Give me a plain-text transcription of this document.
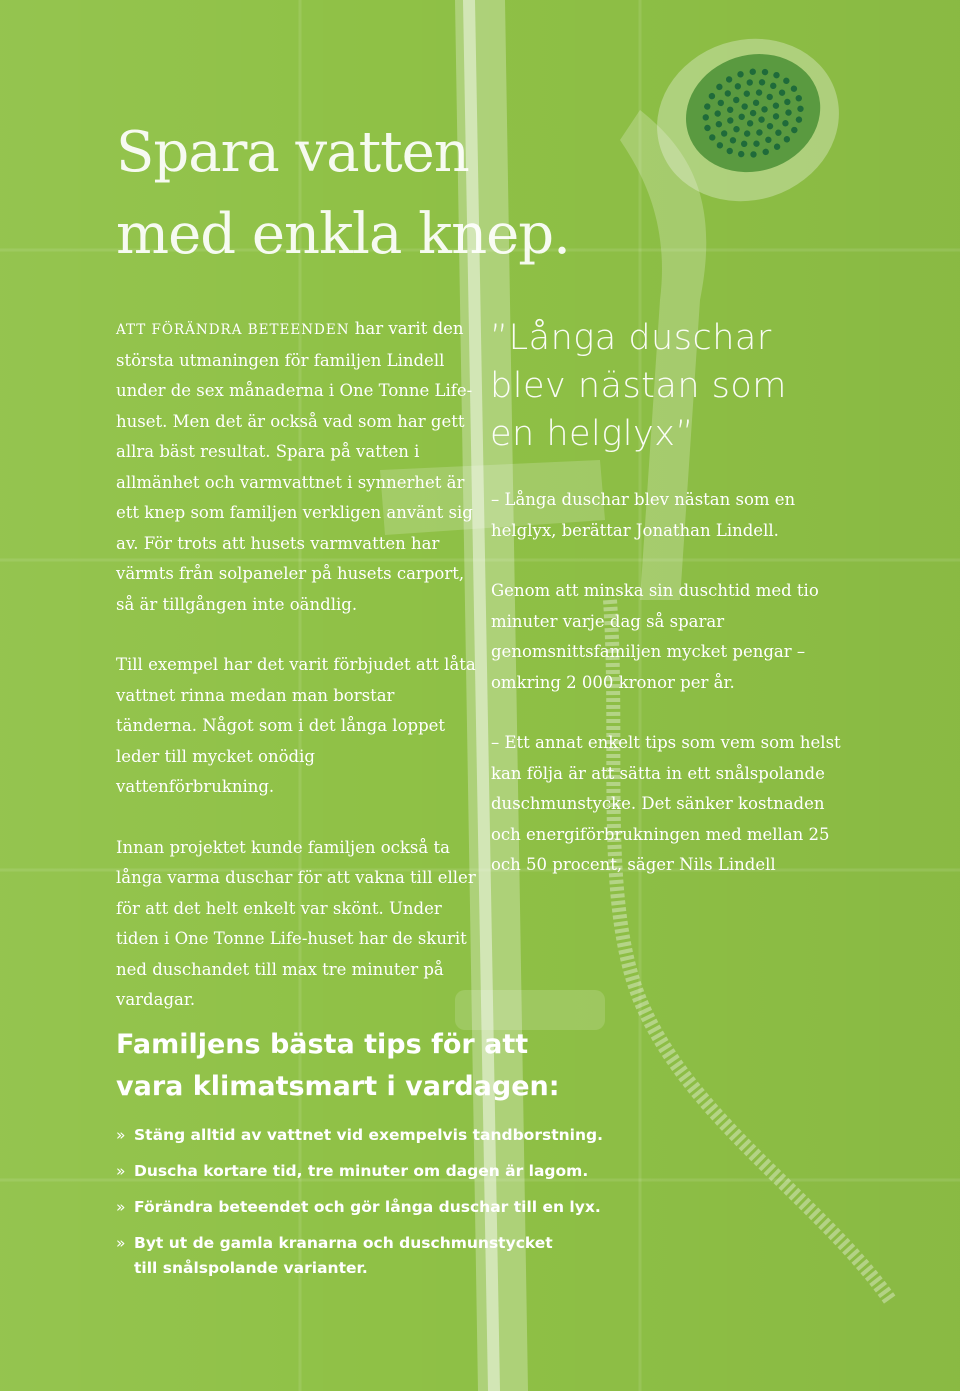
Spara vatten
med enkla knep.

ATT FÖRÄNDRA BETEENDEN har varit den största utmaningen för familjen Lindell under de sex månaderna i One Tonne Life-huset. Men det är också vad som har gett allra bäst resultat. Spara på vatten i allmänhet och varmvattnet i synnerhet är ett knep som familjen verkligen använt sig av. För trots att husets varmvatten har värmts från solpaneler på husets carport, så är tillgången inte oändlig.

Till exempel har det varit förbjudet att låta vattnet rinna medan man borstar tänderna. Något som i det långa loppet leder till mycket onödig vattenförbrukning.

Innan projektet kunde familjen också ta långa varma duschar för att vakna till eller för att det helt enkelt var skönt. Under tiden i One Tonne Life-huset har de skurit ned duschandet till max tre minuter på vardagar.

”Långa duschar
blev nästan som
en helglyx”

– Långa duschar blev nästan som en helglyx, berättar Jonathan Lindell.

Genom att minska sin duschtid med tio minuter varje dag så sparar genomsnittsfamiljen mycket pengar – omkring 2 000 kronor per år.

– Ett annat enkelt tips som vem som helst kan följa är att sätta in ett snålspolande duschmunstycke. Det sänker kostnaden och energiförbrukningen med mellan 25 och 50 procent, säger Nils Lindell

Familjens bästa tips för att
vara klimatsmart i vardagen:
» Stäng alltid av vattnet vid exempelvis tandborstning.
» Duscha kortare tid, tre minuter om dagen är lagom.
» Förändra beteendet och gör långa duschar till en lyx.
» Byt ut de gamla kranarna och duschmunstycket
till snålspolande varianter.
